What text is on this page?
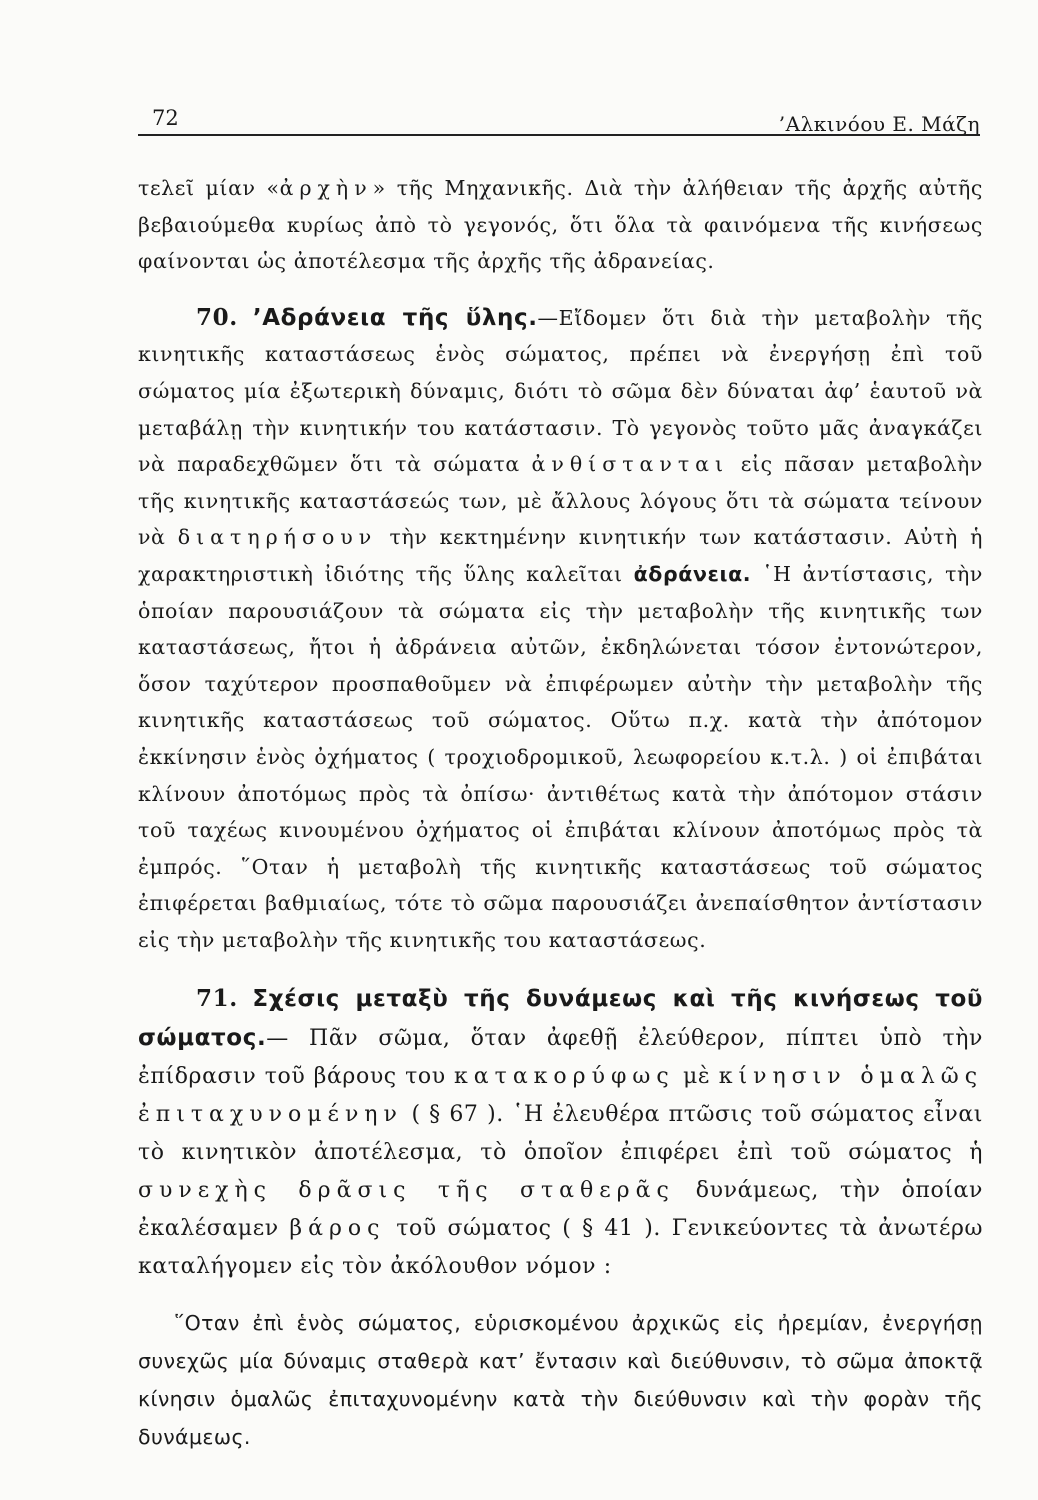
72	’Αλκινόου Ε. Μάζη

τελεῖ μίαν «ἀρχὴν» τῆς Μηχανικῆς. Διὰ τὴν ἀλήθειαν τῆς ἀρχῆς αὐτῆς βεβαιούμεθα κυρίως ἀπὸ τὸ γεγονός, ὅτι ὅλα τὰ φαινόμενα τῆς κινήσεως φαίνονται ὡς ἀποτέλεσμα τῆς ἀρχῆς τῆς ἀδρανείας.

70. ’Αδράνεια τῆς ὕλης.—Εἴδομεν ὅτι διὰ τὴν μεταβολὴν τῆς κινητικῆς καταστάσεως ἑνὸς σώματος, πρέπει νὰ ἐνεργήσῃ ἐπὶ τοῦ σώματος μία ἐξωτερικὴ δύναμις, διότι τὸ σῶμα δὲν δύναται ἀφ’ ἑαυτοῦ νὰ μεταβάλῃ τὴν κινητικήν του κατάστασιν. Τὸ γεγονὸς τοῦτο μᾶς ἀναγκάζει νὰ παραδεχθῶμεν ὅτι τὰ σώματα ἀνθίστανται εἰς πᾶσαν μεταβολὴν τῆς κινητικῆς καταστάσεώς των, μὲ ἄλλους λόγους ὅτι τὰ σώματα τείνουν νὰ διατηρήσουν τὴν κεκτημένην κινητικήν των κατάστασιν. Αὐτὴ ἡ χαρακτηριστικὴ ἰδιότης τῆς ὕλης καλεῖται ἀδράνεια. ῾Η ἀντίστασις, τὴν ὁποίαν παρουσιάζουν τὰ σώματα εἰς τὴν μεταβολὴν τῆς κινητικῆς των καταστάσεως, ἤτοι ἡ ἀδράνεια αὐτῶν, ἐκδηλώνεται τόσον ἐντονώτερον, ὅσον ταχύτερον προσπαθοῦμεν νὰ ἐπιφέρωμεν αὐτὴν τὴν μεταβολὴν τῆς κινητικῆς καταστάσεως τοῦ σώματος. Οὕτω π.χ. κατὰ τὴν ἀπότομον ἐκκίνησιν ἑνὸς ὀχήματος ( τροχιοδρομικοῦ, λεωφορείου κ.τ.λ. ) οἱ ἐπιβάται κλίνουν ἀποτόμως πρὸς τὰ ὀπίσω· ἀντιθέτως κατὰ τὴν ἀπότομον στάσιν τοῦ ταχέως κινουμένου ὀχήματος οἱ ἐπιβάται κλίνουν ἀποτόμως πρὸς τὰ ἐμπρός. ῞Οταν ἡ μεταβολὴ τῆς κινητικῆς καταστάσεως τοῦ σώματος ἐπιφέρεται βαθμιαίως, τότε τὸ σῶμα παρουσιάζει ἀνεπαίσθητον ἀντίστασιν εἰς τὴν μεταβολὴν τῆς κινητικῆς του καταστάσεως.

71. Σχέσις μεταξὺ τῆς δυνάμεως καὶ τῆς κινήσεως τοῦ σώματος.— Πᾶν σῶμα, ὅταν ἀφεθῇ ἐλεύθερον, πίπτει ὑπὸ τὴν ἐπίδρασιν τοῦ βάρους του κατακορύφως μὲ κίνησιν ὁμαλῶς ἐπιταχυνομένην ( § 67 ). ῾Η ἐλευθέρα πτῶσις τοῦ σώματος εἶναι τὸ κινητικὸν ἀποτέλεσμα, τὸ ὁποῖον ἐπιφέρει ἐπὶ τοῦ σώματος ἡ συνεχὴς δρᾶσις τῆς σταθερᾶς δυνάμεως, τὴν ὁποίαν ἐκαλέσαμεν βάρος τοῦ σώματος ( § 41 ). Γενικεύοντες τὰ ἀνωτέρω καταλήγομεν εἰς τὸν ἀκόλουθον νόμον :

῞Οταν ἐπὶ ἑνὸς σώματος, εὑρισκομένου ἀρχικῶς εἰς ἠρεμίαν, ἐνεργήσῃ συνεχῶς μία δύναμις σταθερὰ κατ’ ἔντασιν καὶ διεύθυνσιν, τὸ σῶμα ἀποκτᾷ κίνησιν ὁμαλῶς ἐπιταχυνομένην κατὰ τὴν διεύθυνσιν καὶ τὴν φορὰν τῆς δυνάμεως.
